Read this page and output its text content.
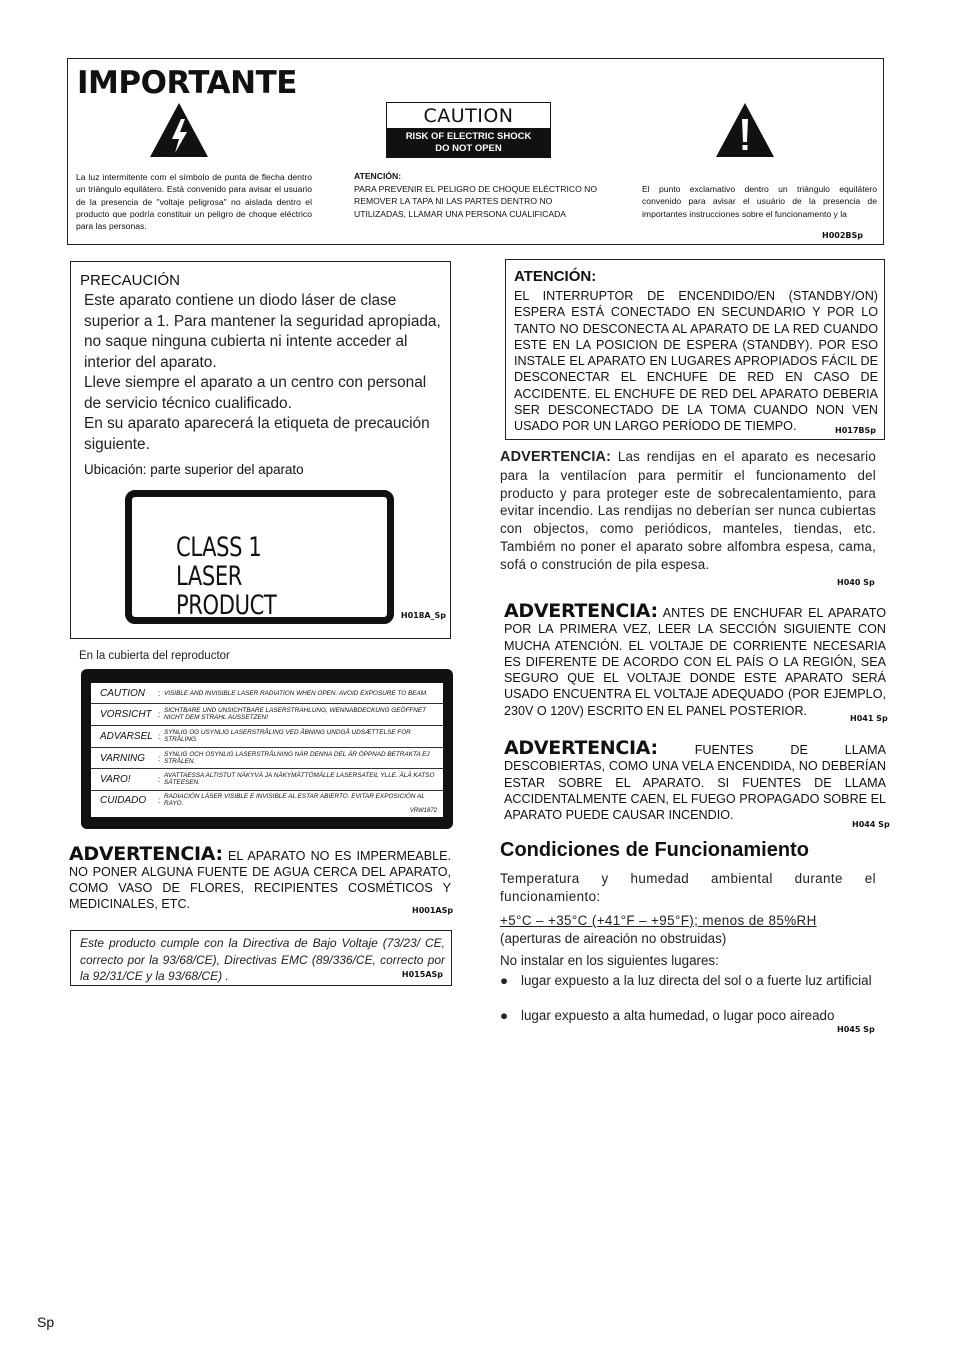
IMPORTANTE
CAUTION
RISK OF ELECTRIC SHOCK
DO NOT OPEN
La luz intermitente com el símbolo de punta de flecha dentro un triángulo equilátero. Está convenido para avisar el usuario de la presencia de "voltaje peligrosa" no aislada dentro el producto que podría constituir un peligro de choque eléctrico para las personas.
ATENCIÓN:
PARA PREVENIR EL PELIGRO DE CHOQUE ELÉCTRICO NO REMOVER LA TAPA NI LAS PARTES DENTRO NO UTILIZADAS, LLAMAR UNA PERSONA CUALIFICADA
El punto exclamativo dentro un triángulo equilátero convenido para avisar el usuário de la presencia de importantes instrucciones sobre el funcionamento y la
H002BSp
PRECAUCIÓN
Este aparato contiene un diodo láser de clase superior a 1. Para mantener la seguridad apropiada, no saque ninguna cubierta ni intente acceder al interior del aparato.
Lleve siempre el aparato a un centro con personal de servicio técnico cualificado.
En su aparato aparecerá la etiqueta de precaución siguiente.
Ubicación: parte superior del aparato
CLASS 1
LASER PRODUCT	H018A_Sp
En la cubierta del reproductor
CAUTION : VISIBLE AND INVISIBLE LASER RADIATION WHEN OPEN. AVOID EXPOSURE TO BEAM.
VORSICHT : SICHTBARE UND UNSICHTBARE LASERSTRAHLUNG, WENNABDECKUNG GEÖFFNET NICHT DEM STRAHL AUSSETZEN!
ADVARSEL : SYNLIG OG USYNLIG LASERSTRÅLING VED ÅBNING UNDGÅ UDSÆTTELSE FOR STRÅLING.
VARNING : SYNLIG OCH OSYNLIG LASERSTRÅLNING NÄR DENNA DEL ÄR ÖPPNAD BETRAKTA EJ STRÅLEN.
VARO!	: AVATTAESSA ALTISTUT NÄKYVÄ JA NÄKYMÄTTÖMÄLLE LASERSATEIL YLLE. ÄLÄ KATSO SÄTEESEN.
CUIDADO : RADIACIÓN LÁSER VISIBLE E INVISIBLE AL ESTAR ABIERTO. EVITAR EXPOSICIÓN AL RAYO.
VRW1872
ADVERTENCIA: EL APARATO NO ES IMPERMEABLE. NO PONER ALGUNA FUENTE DE AGUA CERCA DEL APARATO, COMO VASO DE FLORES, RECIPIENTES COSMÉTICOS Y MEDICINALES, ETC.	H001ASp
Este producto cumple con la Directiva de Bajo Voltaje (73/23/ CE, correcto por la 93/68/CE), Directivas EMC (89/336/CE, correcto por la 92/31/CE y la 93/68/CE) .	H015ASp
ATENCIÓN:
EL INTERRUPTOR DE ENCENDIDO/EN (STANDBY/ON) ESPERA ESTÁ CONECTADO EN SECUNDARIO Y POR LO TANTO NO DESCONECTA AL APARATO DE LA RED CUANDO ESTE EN LA POSICION DE ESPERA (STANDBY). POR ESO INSTALE EL APARATO EN LUGARES APROPIADOS FÁCIL DE DESCONECTAR EL ENCHUFE DE RED EN CASO DE ACCIDENTE. EL ENCHUFE DE RED DEL APARATO DEBERIA SER DESCONECTADO DE LA TOMA CUANDO NON VEN USADO POR UN LARGO PERÍODO DE TIEMPO.	H017BSp
ADVERTENCIA: Las rendijas en el aparato es necesario para la ventilacíon para permitir el funcionamento del producto y para proteger este de sobrecalentamiento, para evitar incendio. Las rendijas no deberían ser nunca cubiertas con objectos, como periódicos, manteles, tiendas, etc. Tambiém no poner el aparato sobre alfombra espesa, cama, sofá o construción de pila espesa.
H040 Sp
ADVERTENCIA: ANTES DE ENCHUFAR EL APARATO POR LA PRIMERA VEZ, LEER LA SECCIÓN SIGUIENTE CON MUCHA ATENCIÓN. EL VOLTAJE DE CORRIENTE NECESARIA ES DIFERENTE DE ACORDO CON EL PAÍS O LA REGIÓN, SEA SEGURO QUE EL VOLTAJE DONDE ESTE APARATO SERÁ USADO ENCUENTRA EL VOLTAJE ADEQUADO (POR EJEMPLO, 230V O 120V) ESCRITO EN EL PANEL POSTERIOR.
H041 Sp
ADVERTENCIA:	FUENTES DE LLAMA DESCOBIERTAS, COMO UNA VELA ENCENDIDA, NO DEBERÍAN ESTAR SOBRE EL APARATO. SI FUENTES DE LLAMA ACCIDENTALMENTE CAEN, EL FUEGO PROPAGADO SOBRE EL APARATO PUEDE CAUSAR INCENDIO.
H044 Sp
Condiciones de Funcionamiento
Temperatura y humedad ambiental durante el funcionamiento:
+5°C – +35°C (+41°F – +95°F); menos de 85%RH
(aperturas de aireación no obstruidas)
No instalar en los siguientes lugares:
● lugar expuesto a la luz directa del sol o a fuerte luz artificial
● lugar expuesto a alta humedad, o lugar poco aireado
H045 Sp
Sp
